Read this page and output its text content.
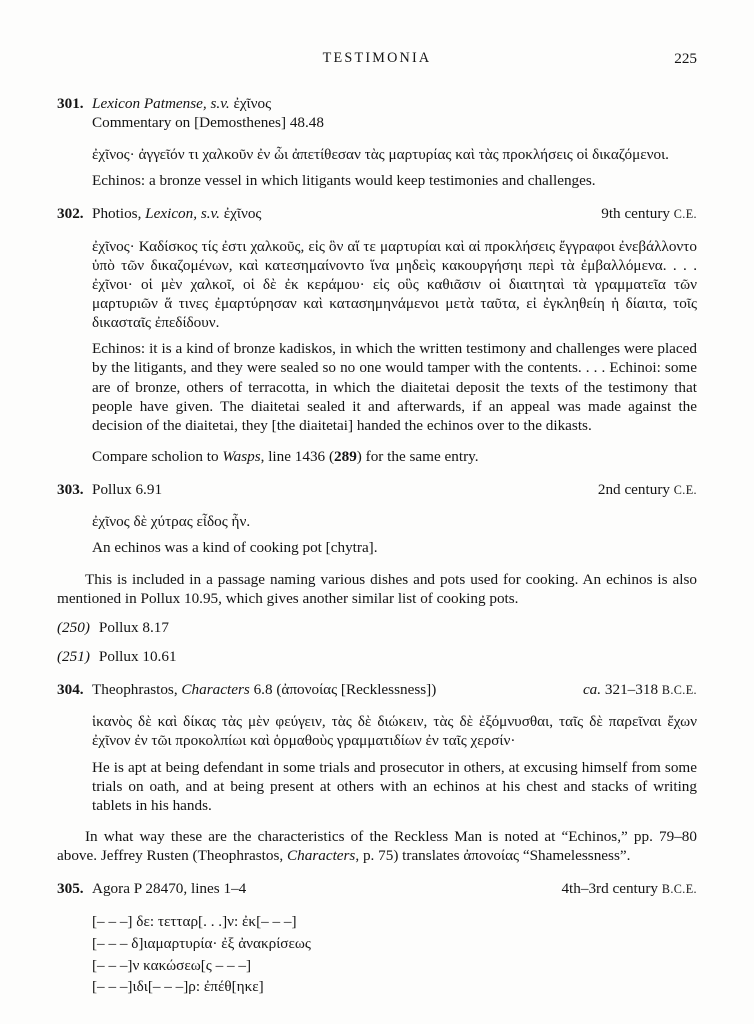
TESTIMONIA	225
301. Lexicon Patmense, s.v. ἐχῖνος
Commentary on [Demosthenes] 48.48
ἐχῖνος· ἀγγεῖόν τι χαλκοῦν ἐν ὧι ἀπετίθεσαν τὰς μαρτυρίας καὶ τὰς προκλήσεις οἱ δικαζόμενοι.
Echinos: a bronze vessel in which litigants would keep testimonies and challenges.
302. Photios, Lexicon, s.v. ἐχῖνος	9th century C.E.
ἐχῖνος· Καδίσκος τίς ἐστι χαλκοῦς, εἰς ὃν αἵ τε μαρτυρίαι καὶ αἱ προκλήσεις ἔγγραφοι ἐνεβάλλοντο ὑπὸ τῶν δικαζομένων, καὶ κατεσημαίνοντο ἵνα μηδεὶς κακουργήσηι περὶ τὰ ἐμβαλλόμενα. . . . ἐχῖνοι· οἱ μὲν χαλκοῖ, οἱ δὲ ἐκ κεράμου· εἰς οὓς καθιᾶσιν οἱ διαιτηταὶ τὰ γραμματεῖα τῶν μαρτυριῶν ἅ τινες ἐμαρτύρησαν καὶ κατασημηνάμενοι μετὰ ταῦτα, εἰ ἐγκληθείη ἡ δίαιτα, τοῖς δικασταῖς ἐπεδίδουν.
Echinos: it is a kind of bronze kadiskos, in which the written testimony and challenges were placed by the litigants, and they were sealed so no one would tamper with the contents. . . . Echinoi: some are of bronze, others of terracotta, in which the diaitetai deposit the texts of the testimony that people have given. The diaitetai sealed it and afterwards, if an appeal was made against the decision of the diaitetai, they [the diaitetai] handed the echinos over to the dikasts.
Compare scholion to Wasps, line 1436 (289) for the same entry.
303. Pollux 6.91	2nd century C.E.
ἐχῖνος δὲ χύτρας εἶδος ἦν.
An echinos was a kind of cooking pot [chytra].
This is included in a passage naming various dishes and pots used for cooking. An echinos is also mentioned in Pollux 10.95, which gives another similar list of cooking pots.
(250) Pollux 8.17
(251) Pollux 10.61
304. Theophrastos, Characters 6.8 (ἀπονοίας [Recklessness])	ca. 321–318 B.C.E.
ἱκανὸς δὲ καὶ δίκας τὰς μὲν φεύγειν, τὰς δὲ διώκειν, τὰς δὲ ἐξόμνυσθαι, ταῖς δὲ παρεῖναι ἔχων ἐχῖνον ἐν τῶι προκολπίωι καὶ ὁρμαθοὺς γραμματιδίων ἐν ταῖς χερσίν·
He is apt at being defendant in some trials and prosecutor in others, at excusing himself from some trials on oath, and at being present at others with an echinos at his chest and stacks of writing tablets in his hands.
In what way these are the characteristics of the Reckless Man is noted at “Echinos,” pp. 79–80 above. Jeffrey Rusten (Theophrastos, Characters, p. 75) translates ἀπονοίας “Shamelessness”.
305. Agora P 28470, lines 1–4	4th–3rd century B.C.E.
[– – –] δε: τετταρ[. . .]ν: ἐκ[– – –]
[– – – δ]ιαμαρτυρία· ἐξ ἀνακρίσεως
[– – –]ν κακώσεω[ς – – –]
[– – –]ιδι[– – –]ρ: ἐπέθ[ηκε]
